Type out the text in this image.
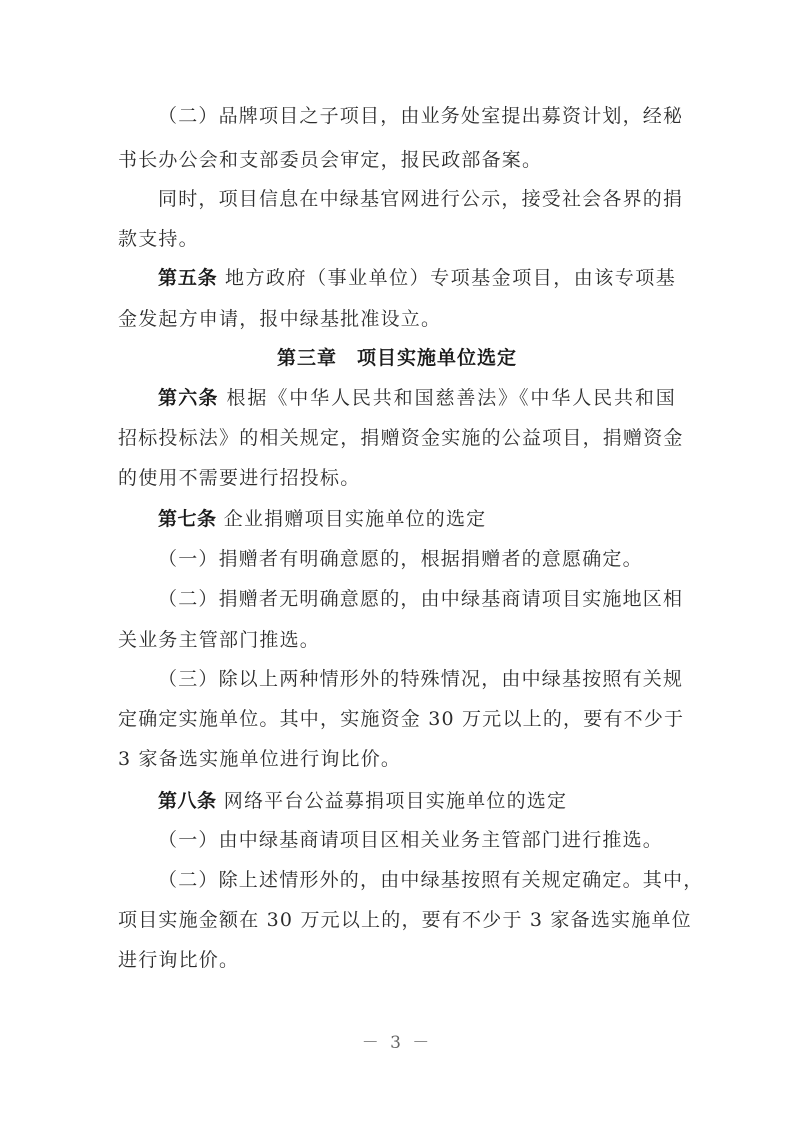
（二）品牌项目之子项目，由业务处室提出募资计划，经秘
书长办公会和支部委员会审定，报民政部备案。
同时，项目信息在中绿基官网进行公示，接受社会各界的捐
款支持。
第五条 地方政府（事业单位）专项基金项目，由该专项基
金发起方申请，报中绿基批准设立。
第三章　项目实施单位选定
第六条 根据《中华人民共和国慈善法》《中华人民共和国
招标投标法》的相关规定，捐赠资金实施的公益项目，捐赠资金
的使用不需要进行招投标。
第七条 企业捐赠项目实施单位的选定
（一）捐赠者有明确意愿的，根据捐赠者的意愿确定。
（二）捐赠者无明确意愿的，由中绿基商请项目实施地区相
关业务主管部门推选。
（三）除以上两种情形外的特殊情况，由中绿基按照有关规
定确定实施单位。其中，实施资金 30 万元以上的，要有不少于
3 家备选实施单位进行询比价。
第八条 网络平台公益募捐项目实施单位的选定
（一）由中绿基商请项目区相关业务主管部门进行推选。
（二）除上述情形外的，由中绿基按照有关规定确定。其中，
项目实施金额在 30 万元以上的，要有不少于 3 家备选实施单位
进行询比价。
－ 3 －
